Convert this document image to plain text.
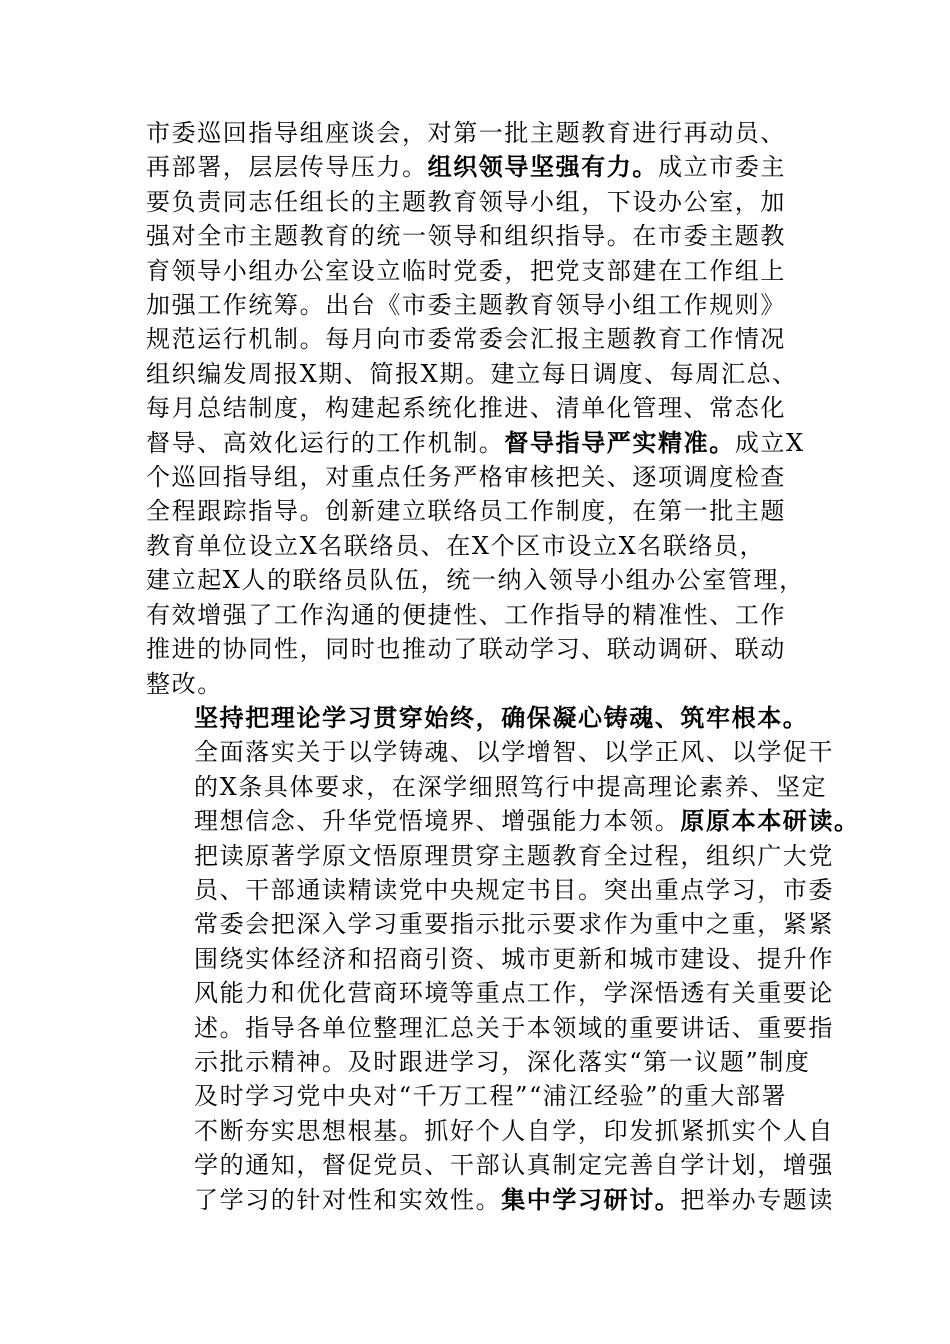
市委巡回指导组座谈会，对第一批主题教育进行再动员、
再部署，层层传导压力。组织领导坚强有力。成立市委主
要负责同志任组长的主题教育领导小组，下设办公室，加
强对全市主题教育的统一领导和组织指导。在市委主题教
育领导小组办公室设立临时党委，把党支部建在工作组上
加强工作统筹。出台《市委主题教育领导小组工作规则》
规范运行机制。每月向市委常委会汇报主题教育工作情况
组织编发周报X期、简报X期。建立每日调度、每周汇总、
每月总结制度，构建起系统化推进、清单化管理、常态化
督导、高效化运行的工作机制。督导指导严实精准。成立X
个巡回指导组，对重点任务严格审核把关、逐项调度检查
全程跟踪指导。创新建立联络员工作制度，在第一批主题
教育单位设立X名联络员、在X个区市设立X名联络员，
建立起X人的联络员队伍，统一纳入领导小组办公室管理，
有效增强了工作沟通的便捷性、工作指导的精准性、工作
推进的协同性，同时也推动了联动学习、联动调研、联动
整改。

坚持把理论学习贯穿始终，确保凝心铸魂、筑牢根本。
全面落实关于以学铸魂、以学增智、以学正风、以学促干
的X条具体要求，在深学细照笃行中提高理论素养、坚定
理想信念、升华党悟境界、增强能力本领。原原本本研读。
把读原著学原文悟原理贯穿主题教育全过程，组织广大党
员、干部通读精读党中央规定书目。突出重点学习，市委
常委会把深入学习重要指示批示要求作为重中之重，紧紧
围绕实体经济和招商引资、城市更新和城市建设、提升作
风能力和优化营商环境等重点工作，学深悟透有关重要论
述。指导各单位整理汇总关于本领域的重要讲话、重要指
示批示精神。及时跟进学习，深化落实“第一议题”制度
及时学习党中央对“千万工程”“浦江经验”的重大部署
不断夯实思想根基。抓好个人自学，印发抓紧抓实个人自
学的通知，督促党员、干部认真制定完善自学计划，增强
了学习的针对性和实效性。集中学习研讨。把举办专题读
